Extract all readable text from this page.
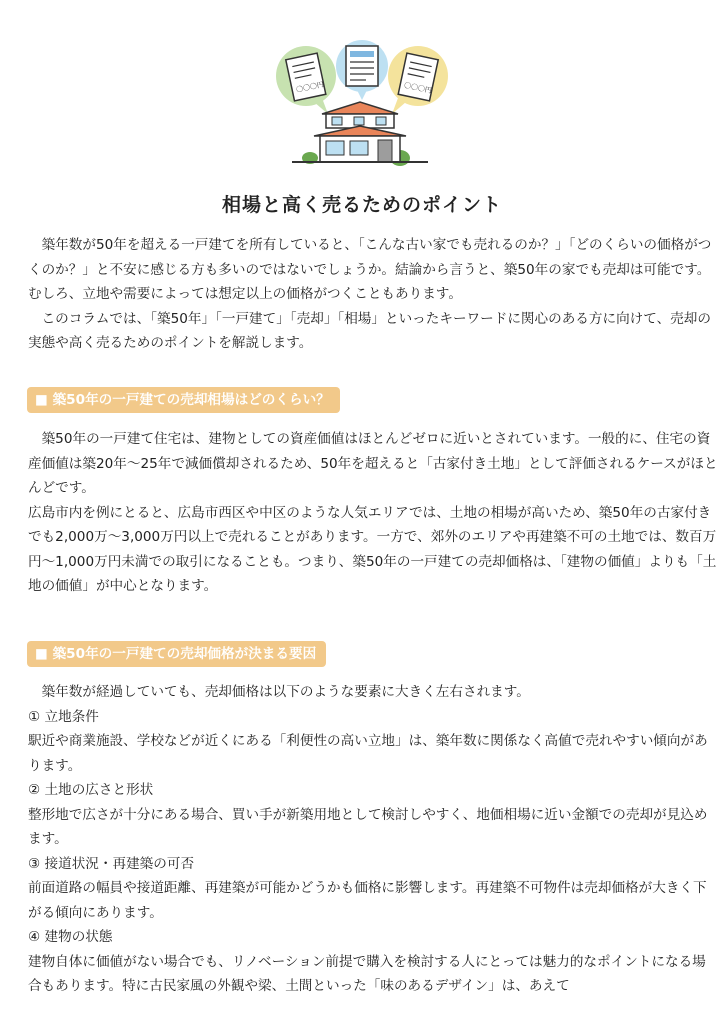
〇〇〇円	〇〇〇円
相場と高く売るためのポイント

築年数が50年を超える一戸建てを所有していると、「こんな古い家でも売れるのか？」「どのくらいの価格がつくのか？」と不安に感じる方も多いのではないでしょうか。結論から言うと、築50年の家でも売却は可能です。むしろ、立地や需要によっては想定以上の価格がつくこともあります。

このコラムでは、「築50年」「一戸建て」「売却」「相場」といったキーワードに関心のある方に向けて、売却の実態や高く売るためのポイントを解説します。

■ 築50年の一戸建ての売却相場はどのくらい？

築50年の一戸建て住宅は、建物としての資産価値はほとんどゼロに近いとされています。一般的に、住宅の資産価値は築20年〜25年で減価償却されるため、50年を超えると「古家付き土地」として評価されるケースがほとんどです。

広島市内を例にとると、広島市西区や中区のような人気エリアでは、土地の相場が高いため、築50年の古家付きでも2,000万〜3,000万円以上で売れることがあります。一方で、郊外のエリアや再建築不可の土地では、数百万円〜1,000万円未満での取引になることも。つまり、築50年の一戸建ての売却価格は、「建物の価値」よりも「土地の価値」が中心となります。

■ 築50年の一戸建ての売却価格が決まる要因

築年数が経過していても、売却価格は以下のような要素に大きく左右されます。

① 立地条件

駅近や商業施設、学校などが近くにある「利便性の高い立地」は、築年数に関係なく高値で売れやすい傾向があります。

② 土地の広さと形状

整形地で広さが十分にある場合、買い手が新築用地として検討しやすく、地価相場に近い金額での売却が見込めます。

③ 接道状況・再建築の可否

前面道路の幅員や接道距離、再建築が可能かどうかも価格に影響します。再建築不可物件は売却価格が大きく下がる傾向にあります。

④ 建物の状態

建物自体に価値がない場合でも、リノベーション前提で購入を検討する人にとっては魅力的なポイントになる場合もあります。特に古民家風の外観や梁、土間といった「味のあるデザイン」は、あえて
